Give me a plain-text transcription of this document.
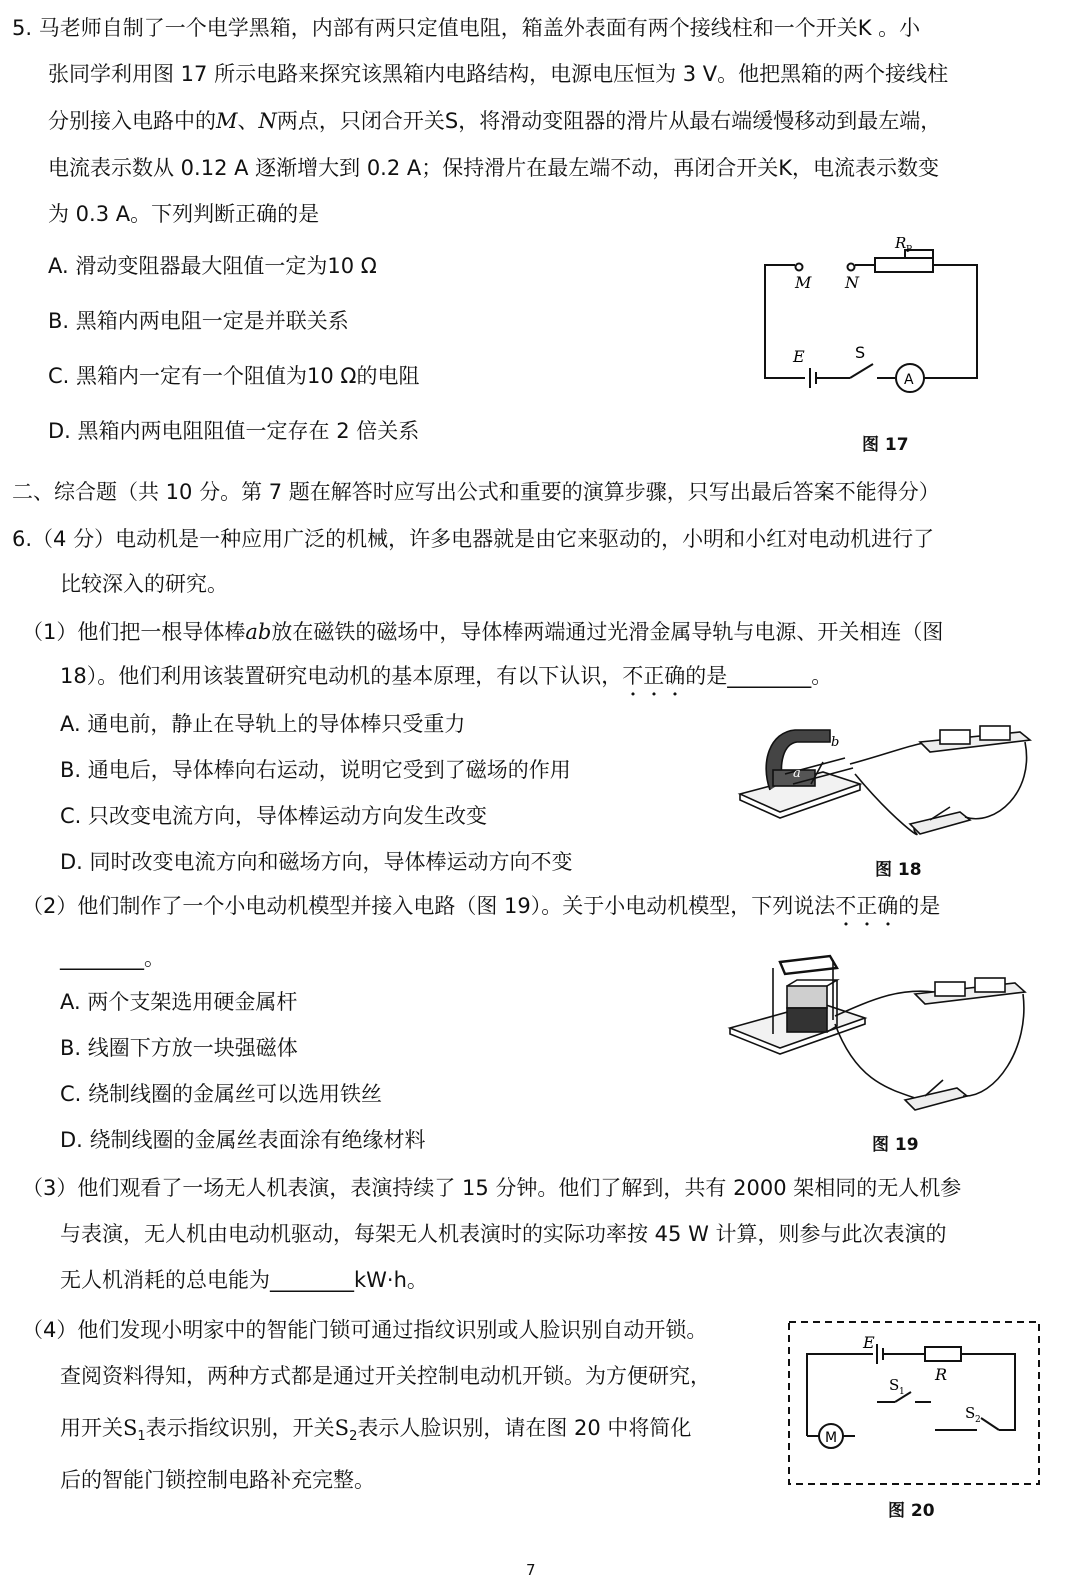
5. 马老师自制了一个电学黑箱，内部有两只定值电阻，箱盖外表面有两个接线柱和一个开关K 。小
张同学利用图 17 所示电路来探究该黑箱内电路结构，电源电压恒为 3 V。他把黑箱的两个接线柱
分别接入电路中的M、N两点，只闭合开关S，将滑动变阻器的滑片从最右端缓慢移动到最左端，
电流表示数从 0.12 A 逐渐增大到 0.2 A；保持滑片在最左端不动，再闭合开关K，电流表示数变
为 0.3 A。下列判断正确的是
A. 滑动变阻器最大阻值一定为10 Ω
B. 黑箱内两电阻一定是并联关系
C. 黑箱内一定有一个阻值为10 Ω的电阻
D. 黑箱内两电阻阻值一定存在 2 倍关系
M N
R P
E	S
A
图 17
二、综合题（共 10 分。第 7 题在解答时应写出公式和重要的演算步骤，只写出最后答案不能得分）
6.（4 分）电动机是一种应用广泛的机械，许多电器就是由它来驱动的，小明和小红对电动机进行了
比较深入的研究。
（1）他们把一根导体棒ab放在磁铁的磁场中，导体棒两端通过光滑金属导轨与电源、开关相连（图
18）。他们利用该装置研究电动机的基本原理，有以下认识，不正确的是________。
A. 通电前，静止在导轨上的导体棒只受重力
B. 通电后，导体棒向右运动，说明它受到了磁场的作用
C. 只改变电流方向，导体棒运动方向发生改变
D. 同时改变电流方向和磁场方向，导体棒运动方向不变
b
a
图 18
（2）他们制作了一个小电动机模型并接入电路（图 19）。关于小电动机模型，下列说法不正确的是
________。
A. 两个支架选用硬金属杆
B. 线圈下方放一块强磁体
C. 绕制线圈的金属丝可以选用铁丝
D. 绕制线圈的金属丝表面涂有绝缘材料	图 19
（3）他们观看了一场无人机表演，表演持续了 15 分钟。他们了解到，共有 2000 架相同的无人机参
与表演，无人机由电动机驱动，每架无人机表演时的实际功率按 45 W 计算，则参与此次表演的
无人机消耗的总电能为________kW·h。
（4）他们发现小明家中的智能门锁可通过指纹识别或人脸识别自动开锁。
查阅资料得知，两种方式都是通过开关控制电动机开锁。为方便研究，
用开关$S_1$表示指纹识别，开关$S_2$表示人脸识别，请在图 20 中将简化
后的智能门锁控制电路补充完整。
E
R
S 1
S 2
M
图 20
7
